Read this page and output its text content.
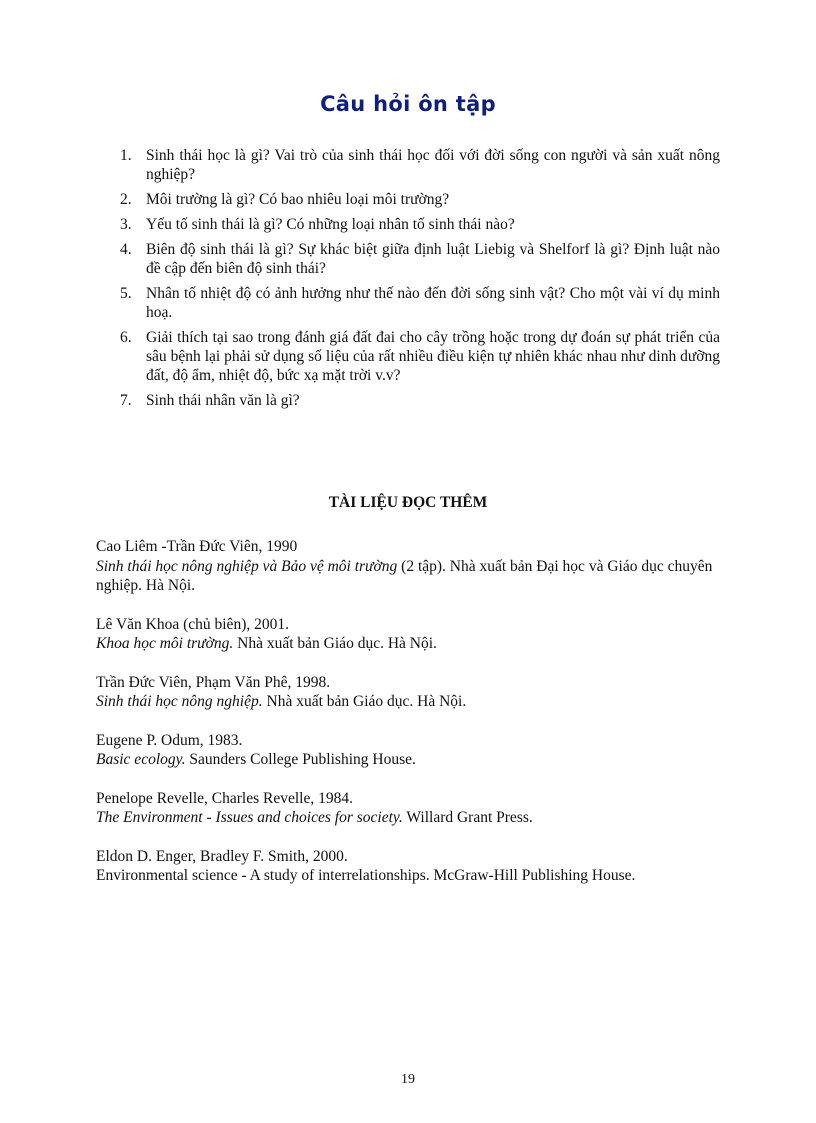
Câu hỏi ôn tập
1. Sinh thái học là gì? Vai trò của sinh thái học đối với đời sống con người và sản xuất nông nghiệp?
2. Môi trường là gì? Có bao nhiêu loại môi trường?
3. Yếu tố sinh thái là gì? Có những loại nhân tố sinh thái nào?
4. Biên độ sinh thái là gì? Sự khác biệt giữa định luật Liebig và Shelforf là gì? Định luật nào đề cập đến biên độ sinh thái?
5. Nhân tố nhiệt độ có ảnh hưởng như thế nào đến đời sống sinh vật? Cho một vài ví dụ minh hoạ.
6. Giải thích tại sao trong đánh giá đất đai cho cây trồng hoặc trong dự đoán sự phát triển của sâu bệnh lại phải sử dụng số liệu của rất nhiều điều kiện tự nhiên khác nhau như dinh dưỡng đất, độ ẩm, nhiệt độ, bức xạ mặt trời v.v?
7. Sinh thái nhân văn là gì?
TÀI LIỆU ĐỌC THÊM
Cao Liêm -Trần Đức Viên, 1990
Sinh thái học nông nghiệp và Bảo vệ môi trường (2 tập). Nhà xuất bản Đại học và Giáo dục chuyên nghiệp. Hà Nội.
Lê Văn Khoa (chủ biên), 2001.
Khoa học môi trường. Nhà xuất bản Giáo dục. Hà Nội.
Trần Đức Viên, Phạm Văn Phê, 1998.
Sinh thái học nông nghiệp. Nhà xuất bản Giáo dục. Hà Nội.
Eugene P. Odum, 1983.
Basic ecology. Saunders College Publishing House.
Penelope Revelle, Charles Revelle, 1984.
The Environment - Issues and choices for society. Willard Grant Press.
Eldon D. Enger, Bradley F. Smith, 2000.
Environmental science - A study of interrelationships. McGraw-Hill Publishing House.
19
